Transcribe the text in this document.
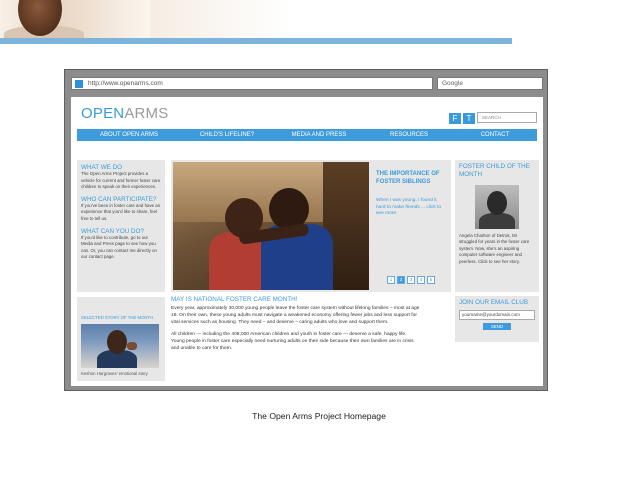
http://www.openarms.com	Google
OPENARMS	F	T	SEARCH
ABOUT OPEN ARMS	CHILD'S LIFELINE?	MEDIA AND PRESS	RESOURCES	CONTACT
WHAT WE DO

The Open Arms Project provides a vehicle for current and former foster care children to speak on their experiences.

WHO CAN PARTICIPATE?

If you've been in foster care and have an experience that you'd like to share, feel free to tell us.

WHAT CAN YOU DO?

If you'd like to contribute, go to our Media and Press page to see how you can. Or, you can contact me directly on our contact page.

SELECTED STORY OF THE MONTH
Keshon Hargraves' emotional story
THE IMPORTANCE OF FOSTER SIBLINGS
When I was young, I found it hard to make friends ... click to see more.
1	2	3	4	5
FOSTER CHILD OF THE MONTH

Angela Charlton of Detroit, MI struggled for years in the foster care system. Now, she's an aspiring computer software engineer and peerless. Click to see her story.

MAY IS NATIONAL FOSTER CARE MONTH!

Every year, approximately 30,000 young people leave the foster care system without lifelong families – most at age 18. On their own, these young adults must navigate a weakened economy offering fewer jobs and less support for vital services such as housing. They need – and deserve – caring adults who love and support them.

All children — including the 408,000 American children and youth in foster care — deserve a safe, happy life. Young people in foster care especially need nurturing adults on their side because their own families are in crisis and unable to care for them.

JOIN OUR EMAIL CLUB
yourname@yourdomain.com
SEND
The Open Arms Project Homepage
